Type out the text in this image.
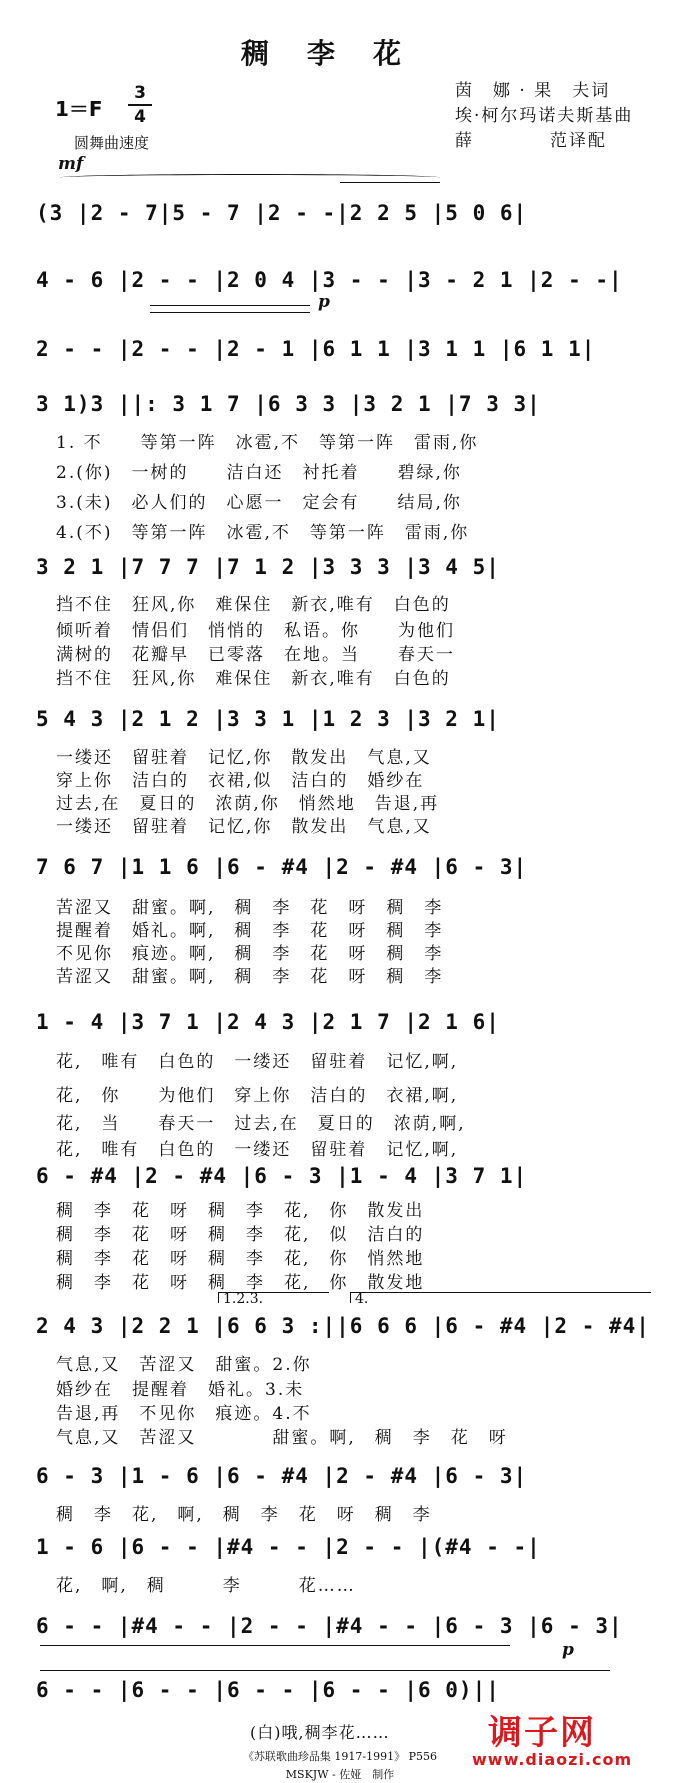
稠李花
1＝F
3
4
圆舞曲速度
茵　娜 · 果　夫词
埃·柯尔玛诺夫斯基曲
薛　　　　范译配
mf
p
p
(3 |2 - 7|5 - 7 |2 - -|2 2 5 |5 0 6|
4 - 6 |2 - - |2 0 4 |3 - - |3 - 2 1 |2 - -|
2 - - |2 - - |2 - 1 |6 1 1 |3 1 1 |6 1 1|
3 1)3 ||: 3 1 7 |6 3 3 |3 2 1 |7 3 3|
1. 不　　等第一阵　冰雹,不　等第一阵　雷雨,你
2.(你)　一树的　　洁白还　衬托着　　碧绿,你
3.(未)　必人们的　心愿一　定会有　　结局,你
4.(不)　等第一阵　冰雹,不　等第一阵　雷雨,你
3 2 1 |7 7 7 |7 1 2 |3 3 3 |3 4 5|
挡不住　狂风,你　难保住　新衣,唯有　白色的
倾听着　情侣们　悄悄的　私语。你　　为他们
满树的　花瓣早　已零落　在地。当　　春天一
挡不住　狂风,你　难保住　新衣,唯有　白色的
5 4 3 |2 1 2 |3 3 1 |1 2 3 |3 2 1|
一缕还　留驻着　记忆,你　散发出　气息,又
穿上你　洁白的　衣裙,似　洁白的　婚纱在
过去,在　夏日的　浓荫,你　悄然地　告退,再
一缕还　留驻着　记忆,你　散发出　气息,又
7 6 7 |1 1 6 |6 - #4 |2 - #4 |6 - 3|
苦涩又　甜蜜。啊,　稠　李　花　呀　稠　李
提醒着　婚礼。啊,　稠　李　花　呀　稠　李
不见你　痕迹。啊,　稠　李　花　呀　稠　李
苦涩又　甜蜜。啊,　稠　李　花　呀　稠　李
1 - 4 |3 7 1 |2 4 3 |2 1 7 |2 1 6|
花,　唯有　白色的　一缕还　留驻着　记忆,啊,
花,　你　　为他们　穿上你　洁白的　衣裙,啊,
花,　当　　春天一　过去,在　夏日的　浓荫,啊,
花,　唯有　白色的　一缕还　留驻着　记忆,啊,
6 - #4 |2 - #4 |6 - 3 |1 - 4 |3 7 1|
稠　李　花　呀　稠　李　花,　你　散发出
稠　李　花　呀　稠　李　花,　似　洁白的
稠　李　花　呀　稠　李　花,　你　悄然地
稠　李　花　呀　稠　李　花,　你　散发地
1.2.3.	4.
2 4 3 |2 2 1 |6 6 3 :||6 6 6 |6 - #4 |2 - #4|
气息,又　苦涩又　甜蜜。2.你
婚纱在　提醒着　婚礼。3.未
告退,再　不见你　痕迹。4.不
气息,又　苦涩又　　　　甜蜜。啊,　稠　李　花　呀
6 - 3 |1 - 6 |6 - #4 |2 - #4 |6 - 3|
稠　李　花,　啊,　稠　李　花　呀　稠　李
1 - 6 |6 - - |#4 - - |2 - - |(#4 - -|
花,　啊,　稠　　　李　　　花……
6 - - |#4 - - |2 - - |#4 - - |6 - 3 |6 - 3|
6 - - |6 - - |6 - - |6 - - |6 0)||
(白)哦,稠李花……
《苏联歌曲珍品集 1917-1991》 P556
MSKJW - 佐娅　制作
调子网
www.diaozi.com
